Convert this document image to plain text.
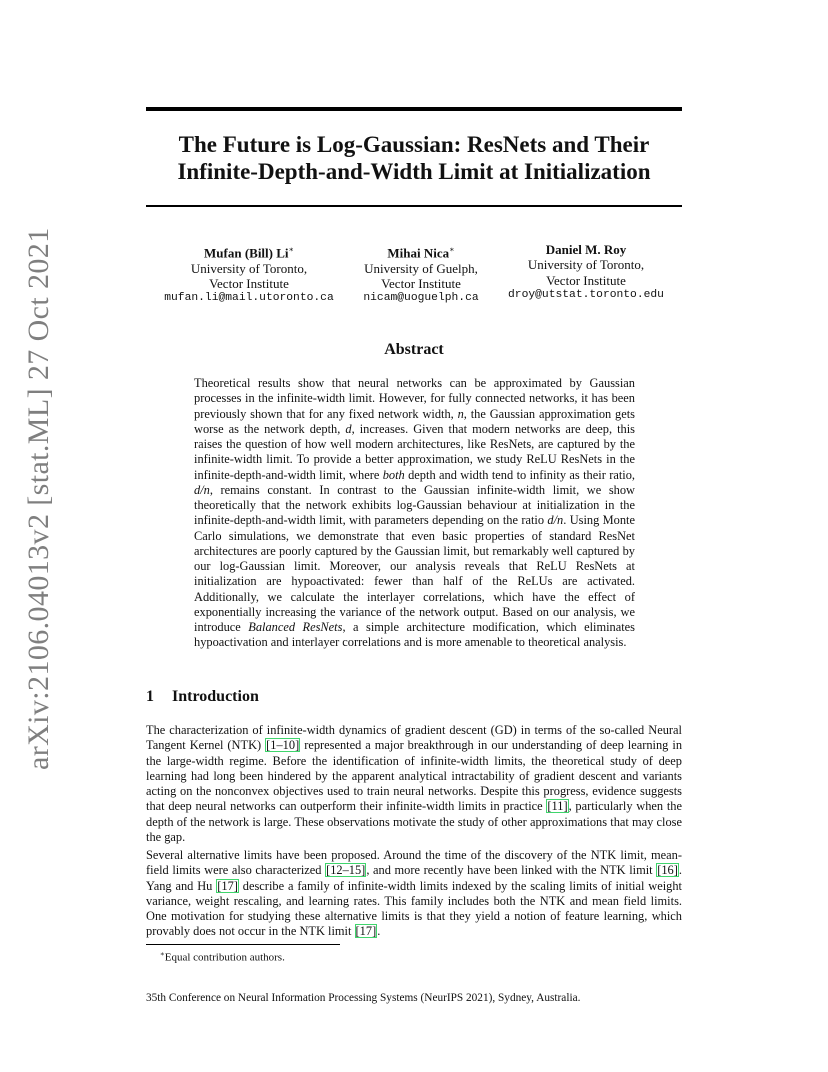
arXiv:2106.04013v2 [stat.ML] 27 Oct 2021
The Future is Log-Gaussian: ResNets and Their
Infinite-Depth-and-Width Limit at Initialization
Mufan (Bill) Li∗
University of Toronto,
Vector Institute
mufan.li@mail.utoronto.ca
Mihai Nica∗
University of Guelph,
Vector Institute
nicam@uoguelph.ca
Daniel M. Roy
University of Toronto,
Vector Institute
droy@utstat.toronto.edu
Abstract
Theoretical results show that neural networks can be approximated by Gaussian processes in the infinite-width limit. However, for fully connected networks, it has been previously shown that for any fixed network width, n, the Gaussian approximation gets worse as the network depth, d, increases. Given that modern networks are deep, this raises the question of how well modern architectures, like ResNets, are captured by the infinite-width limit. To provide a better approximation, we study ReLU ResNets in the infinite-depth-and-width limit, where both depth and width tend to infinity as their ratio, d/n, remains constant. In contrast to the Gaussian infinite-width limit, we show theoretically that the network exhibits log-Gaussian behaviour at initialization in the infinite-depth-and-width limit, with parameters depending on the ratio d/n. Using Monte Carlo simulations, we demonstrate that even basic properties of standard ResNet architectures are poorly captured by the Gaussian limit, but remarkably well captured by our log-Gaussian limit. Moreover, our analysis reveals that ReLU ResNets at initialization are hypoactivated: fewer than half of the ReLUs are activated. Additionally, we calculate the interlayer correlations, which have the effect of exponentially increasing the variance of the network output. Based on our analysis, we introduce Balanced ResNets, a simple architecture modification, which eliminates hypoactivation and interlayer correlations and is more amenable to theoretical analysis.
1 Introduction
The characterization of infinite-width dynamics of gradient descent (GD) in terms of the so-called Neural Tangent Kernel (NTK) [1–10] represented a major breakthrough in our understanding of deep learning in the large-width regime. Before the identification of infinite-width limits, the theoretical study of deep learning had long been hindered by the apparent analytical intractability of gradient descent and variants acting on the nonconvex objectives used to train neural networks. Despite this progress, evidence suggests that deep neural networks can outperform their infinite-width limits in practice [11], particularly when the depth of the network is large. These observations motivate the study of other approximations that may close the gap.
Several alternative limits have been proposed. Around the time of the discovery of the NTK limit, mean-field limits were also characterized [12–15], and more recently have been linked with the NTK limit [16]. Yang and Hu [17] describe a family of infinite-width limits indexed by the scaling limits of initial weight variance, weight rescaling, and learning rates. This family includes both the NTK and mean field limits. One motivation for studying these alternative limits is that they yield a notion of feature learning, which provably does not occur in the NTK limit [17].
∗Equal contribution authors.
35th Conference on Neural Information Processing Systems (NeurIPS 2021), Sydney, Australia.
